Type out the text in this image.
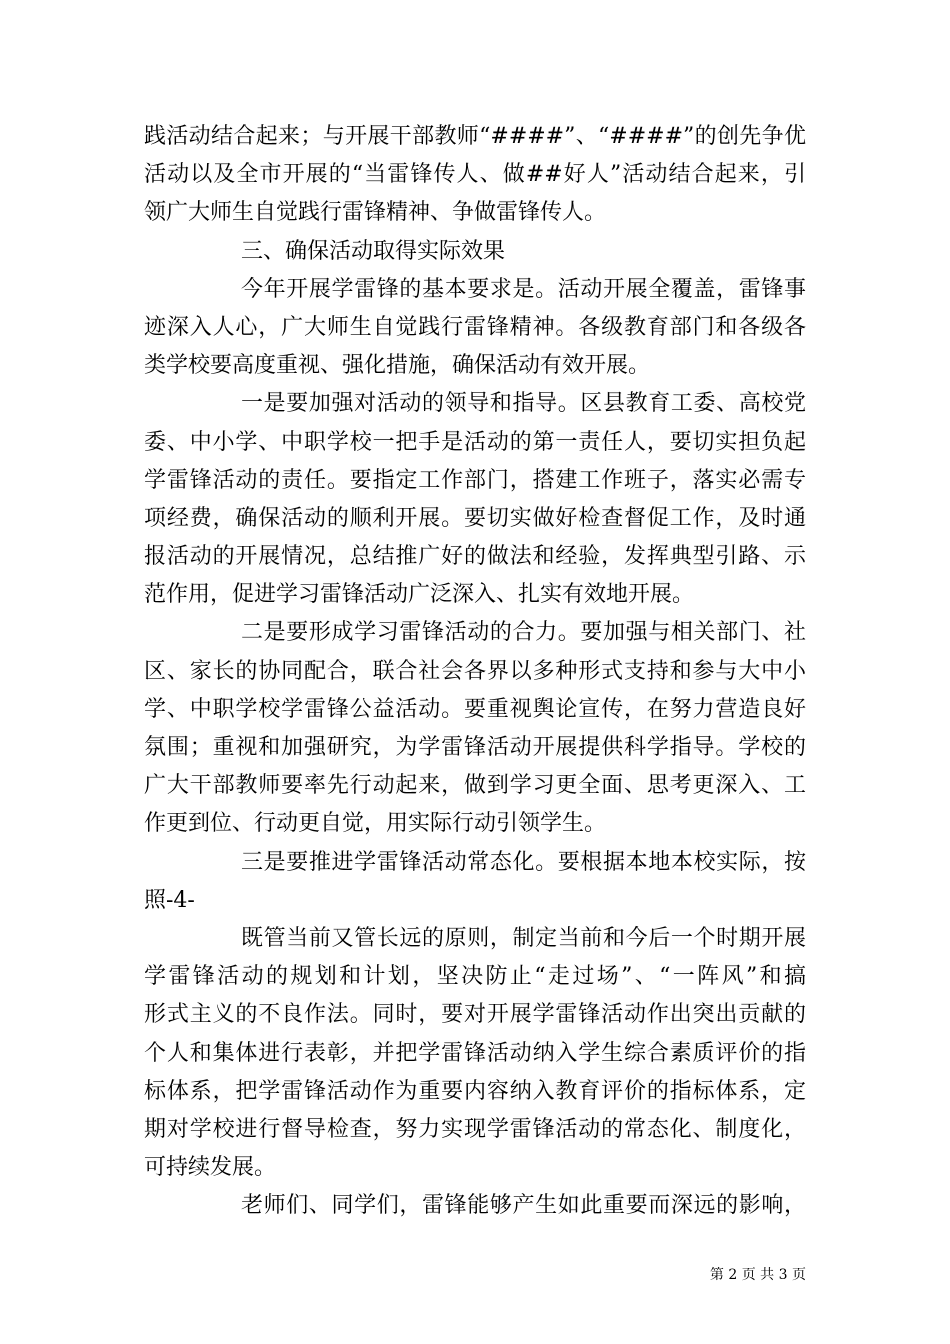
践活动结合起来；与开展干部教师“####”、“####”的创先争优
活动以及全市开展的“当雷锋传人、做##好人”活动结合起来，引
领广大师生自觉践行雷锋精神、争做雷锋传人。
三、确保活动取得实际效果
今年开展学雷锋的基本要求是。活动开展全覆盖，雷锋事
迹深入人心，广大师生自觉践行雷锋精神。各级教育部门和各级各
类学校要高度重视、强化措施，确保活动有效开展。
一是要加强对活动的领导和指导。区县教育工委、高校党
委、中小学、中职学校一把手是活动的第一责任人，要切实担负起
学雷锋活动的责任。要指定工作部门，搭建工作班子，落实必需专
项经费，确保活动的顺利开展。要切实做好检查督促工作，及时通
报活动的开展情况，总结推广好的做法和经验，发挥典型引路、示
范作用，促进学习雷锋活动广泛深入、扎实有效地开展。
二是要形成学习雷锋活动的合力。要加强与相关部门、社
区、家长的协同配合，联合社会各界以多种形式支持和参与大中小
学、中职学校学雷锋公益活动。要重视舆论宣传，在努力营造良好
氛围；重视和加强研究，为学雷锋活动开展提供科学指导。学校的
广大干部教师要率先行动起来，做到学习更全面、思考更深入、工
作更到位、行动更自觉，用实际行动引领学生。
三是要推进学雷锋活动常态化。要根据本地本校实际，按
照-4-
既管当前又管长远的原则，制定当前和今后一个时期开展
学雷锋活动的规划和计划，坚决防止“走过场”、“一阵风”和搞
形式主义的不良作法。同时，要对开展学雷锋活动作出突出贡献的
个人和集体进行表彰，并把学雷锋活动纳入学生综合素质评价的指
标体系，把学雷锋活动作为重要内容纳入教育评价的指标体系，定
期对学校进行督导检查，努力实现学雷锋活动的常态化、制度化，
可持续发展。
老师们、同学们，雷锋能够产生如此重要而深远的影响，
第 2 页 共 3 页
